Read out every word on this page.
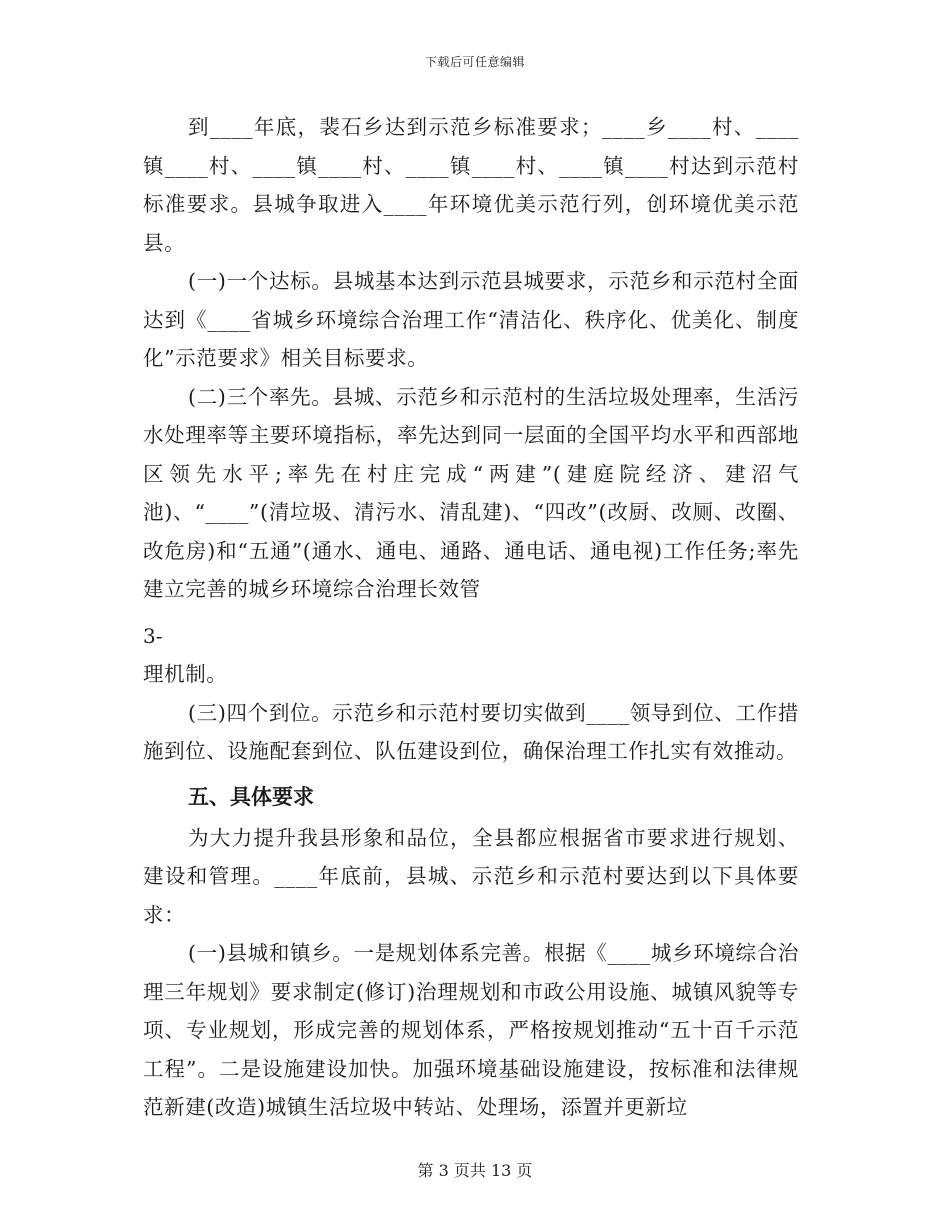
下载后可任意编辑

到____年底，裴石乡达到示范乡标准要求；____乡____村、____镇____村、____镇____村、____镇____村、____镇____村达到示范村标准要求。县城争取进入____年环境优美示范行列，创环境优美示范县。

(一)一个达标。县城基本达到示范县城要求，示范乡和示范村全面达到《____省城乡环境综合治理工作“清洁化、秩序化、优美化、制度化”示范要求》相关目标要求。

(二)三个率先。县城、示范乡和示范村的生活垃圾处理率，生活污水处理率等主要环境指标，率先达到同一层面的全国平均水平和西部地区领先水平;率先在村庄完成“两建”(建庭院经济、建沼气池)、“____”(清垃圾、清污水、清乱建)、“四改”(改厨、改厕、改圈、改危房)和“五通”(通水、通电、通路、通电话、通电视)工作任务;率先建立完善的城乡环境综合治理长效管

3-

理机制。

(三)四个到位。示范乡和示范村要切实做到____领导到位、工作措施到位、设施配套到位、队伍建设到位，确保治理工作扎实有效推动。

五、具体要求

为大力提升我县形象和品位，全县都应根据省市要求进行规划、建设和管理。____年底前，县城、示范乡和示范村要达到以下具体要求：

(一)县城和镇乡。一是规划体系完善。根据《____城乡环境综合治理三年规划》要求制定(修订)治理规划和市政公用设施、城镇风貌等专项、专业规划，形成完善的规划体系，严格按规划推动“五十百千示范工程”。二是设施建设加快。加强环境基础设施建设，按标准和法律规范新建(改造)城镇生活垃圾中转站、处理场，添置并更新垃

第 3 页共 13 页
